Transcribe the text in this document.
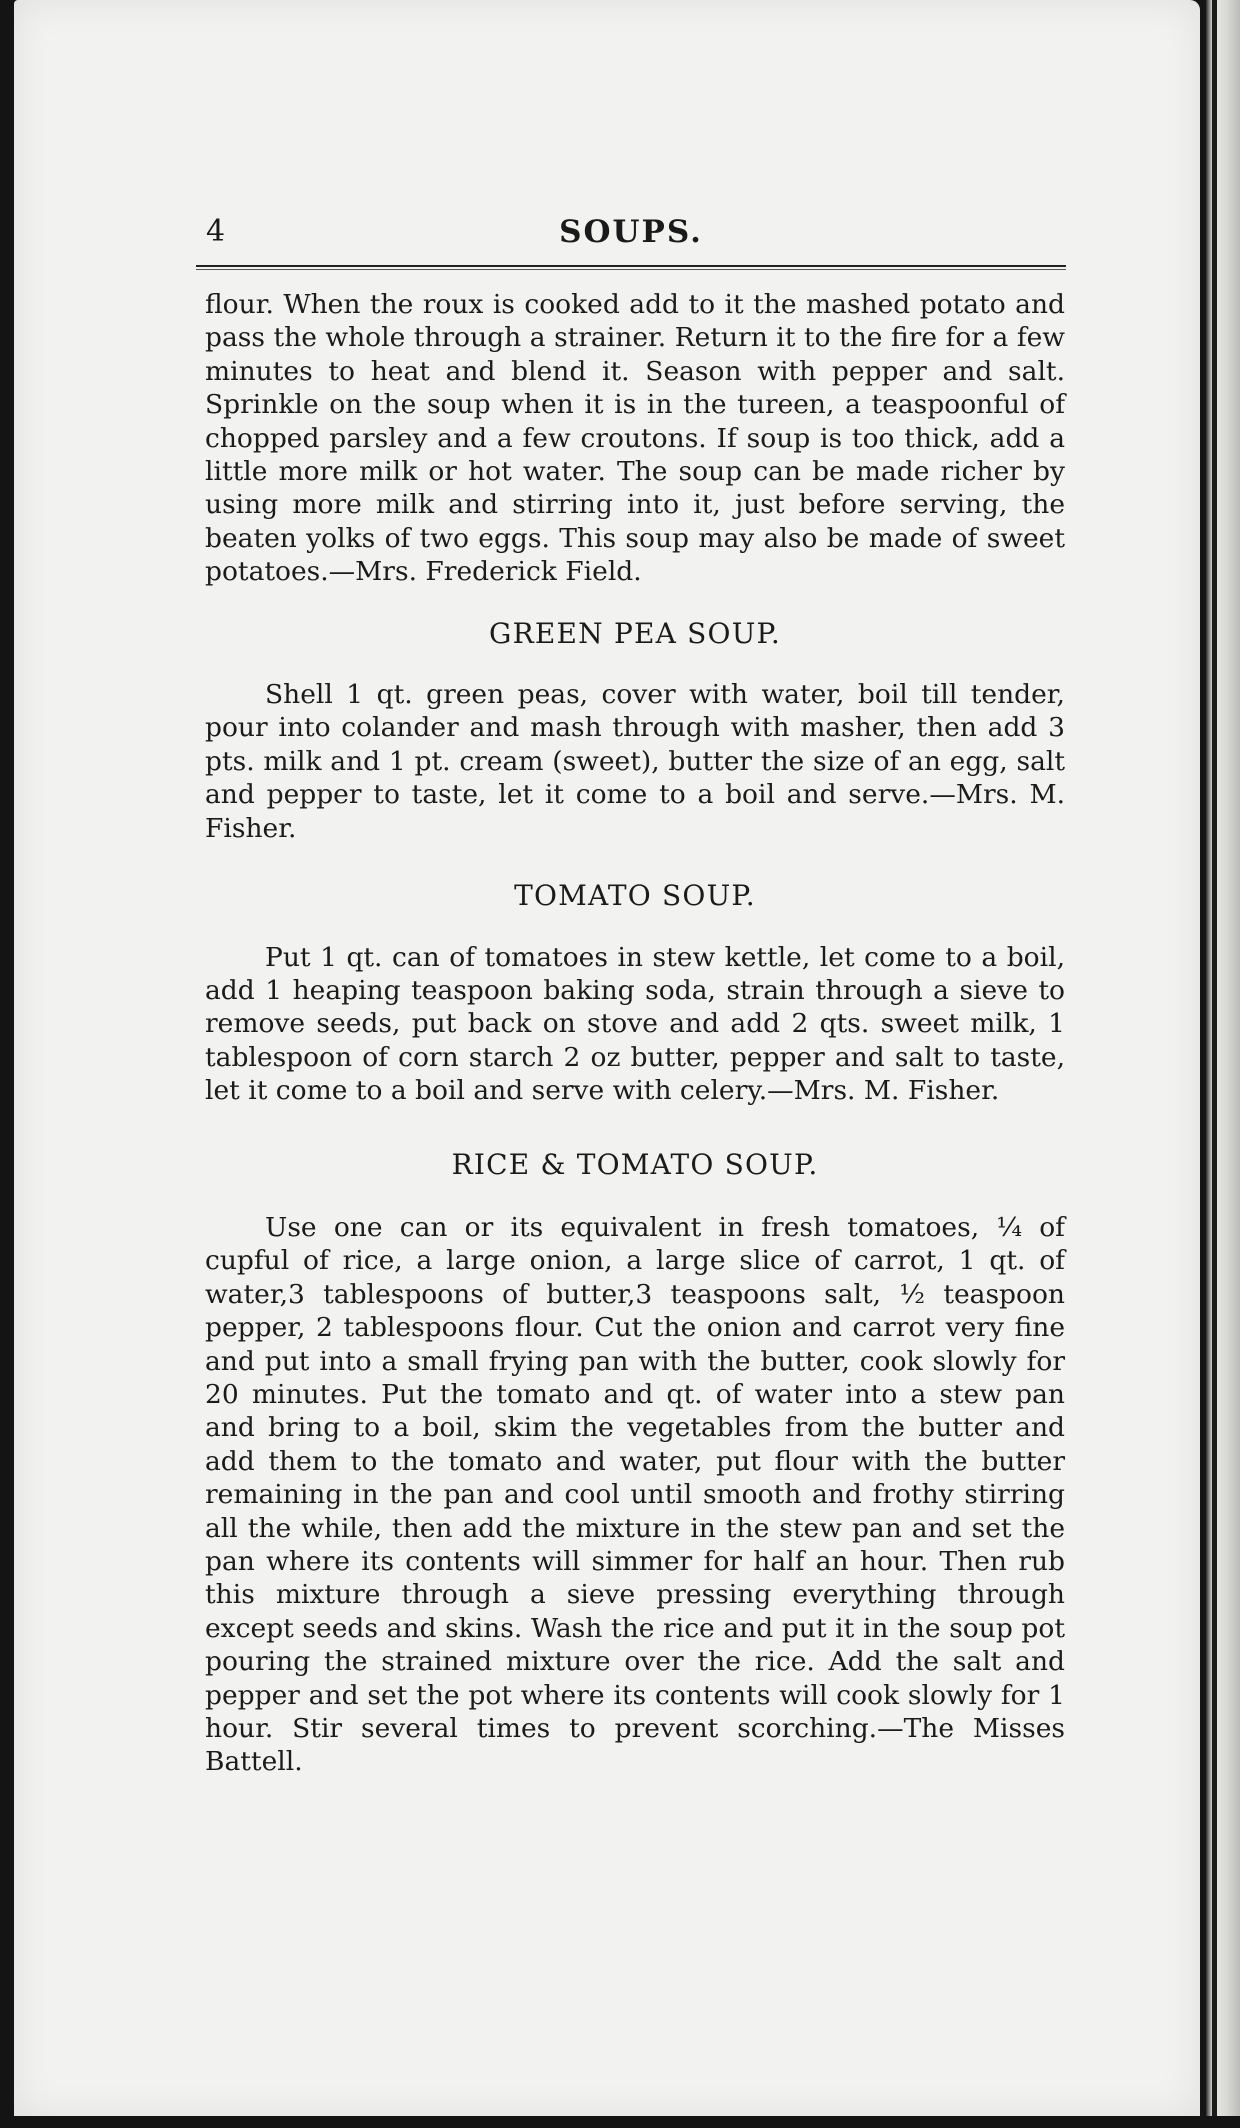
4	SOUPS.

flour. When the roux is cooked add to it the mashed potato and pass the whole through a strainer. Return it to the fire for a few minutes to heat and blend it. Season with pepper and salt. Sprinkle on the soup when it is in the tureen, a teaspoonful of chopped parsley and a few croutons. If soup is too thick, add a little more milk or hot water. The soup can be made richer by using more milk and stirring into it, just before serving, the beaten yolks of two eggs. This soup may also be made of sweet potatoes.—Mrs. Frederick Field.

GREEN PEA SOUP.

Shell 1 qt. green peas, cover with water, boil till tender, pour into colander and mash through with masher, then add 3 pts. milk and 1 pt. cream (sweet), butter the size of an egg, salt and pepper to taste, let it come to a boil and serve.—Mrs. M. Fisher.

TOMATO SOUP.

Put 1 qt. can of tomatoes in stew kettle, let come to a boil, add 1 heaping teaspoon baking soda, strain through a sieve to remove seeds, put back on stove and add 2 qts. sweet milk, 1 tablespoon of corn starch 2 oz butter, pepper and salt to taste, let it come to a boil and serve with celery.—Mrs. M. Fisher.

RICE & TOMATO SOUP.

Use one can or its equivalent in fresh tomatoes, ¼ of cupful of rice, a large onion, a large slice of carrot, 1 qt. of water,3 tablespoons of butter,3 teaspoons salt, ½ teaspoon pepper, 2 tablespoons flour. Cut the onion and carrot very fine and put into a small frying pan with the butter, cook slowly for 20 minutes. Put the tomato and qt. of water into a stew pan and bring to a boil, skim the vegetables from the butter and add them to the tomato and water, put flour with the butter remaining in the pan and cool until smooth and frothy stirring all the while, then add the mixture in the stew pan and set the pan where its contents will simmer for half an hour. Then rub this mixture through a sieve pressing everything through except seeds and skins. Wash the rice and put it in the soup pot pouring the strained mixture over the rice. Add the salt and pepper and set the pot where its contents will cook slowly for 1 hour. Stir several times to prevent scorching.—The Misses Battell.
